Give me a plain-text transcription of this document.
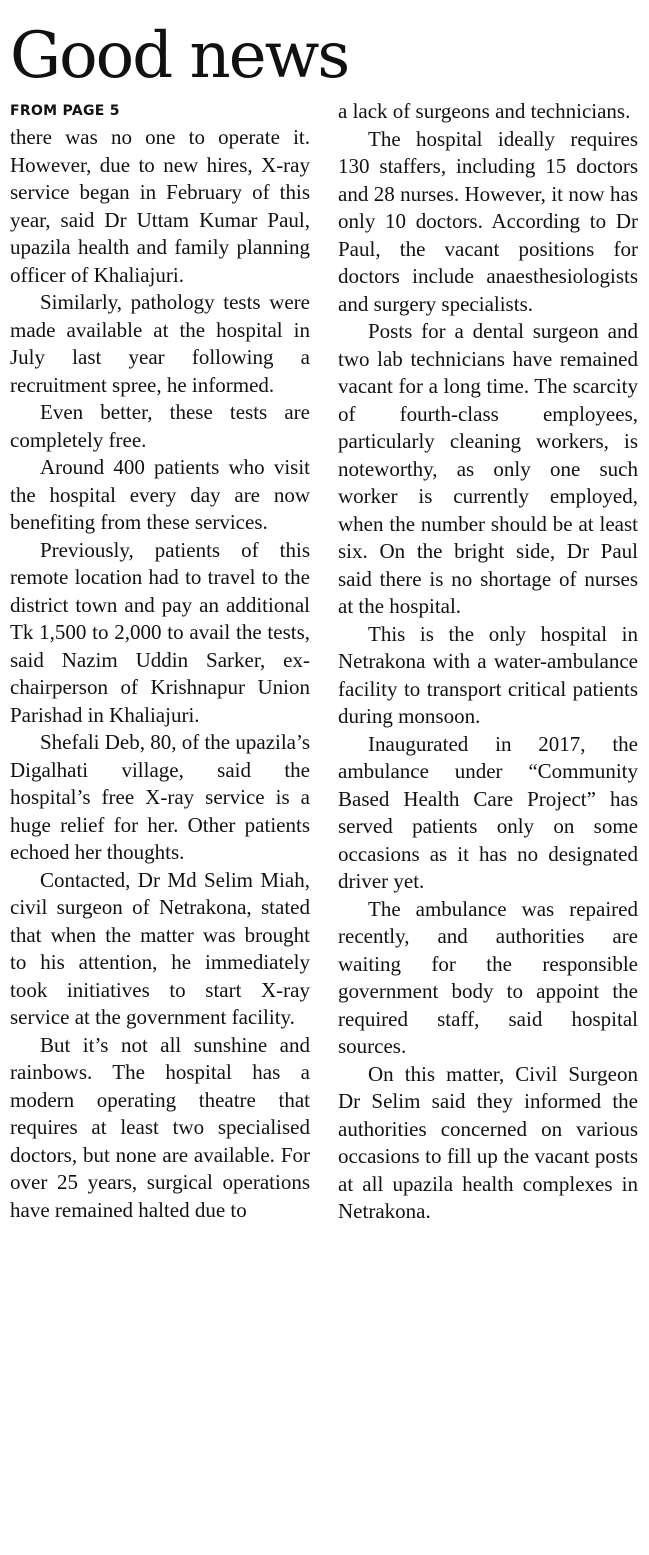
Good news
FROM PAGE 5

there was no one to operate it. However, due to new hires, X-ray service began in February of this year, said Dr Uttam Kumar Paul, upazila health and family planning officer of Khaliajuri.

Similarly, pathology tests were made available at the hospital in July last year following a recruitment spree, he informed.

Even better, these tests are completely free.

Around 400 patients who visit the hospital every day are now benefiting from these services.

Previously, patients of this remote location had to travel to the district town and pay an additional Tk 1,500 to 2,000 to avail the tests, said Nazim Uddin Sarker, ex-chairperson of Krishnapur Union Parishad in Khaliajuri.

Shefali Deb, 80, of the upazila’s Digalhati village, said the hospital’s free X-ray service is a huge relief for her. Other patients echoed her thoughts.

Contacted, Dr Md Selim Miah, civil surgeon of Netrakona, stated that when the matter was brought to his attention, he immediately took initiatives to start X-ray service at the government facility.

But it’s not all sunshine and rainbows. The hospital has a modern operating theatre that requires at least two specialised doctors, but none are available. For over 25 years, surgical operations have remained halted due to

a lack of surgeons and technicians.

The hospital ideally requires 130 staffers, including 15 doctors and 28 nurses. However, it now has only 10 doctors. According to Dr Paul, the vacant positions for doctors include anaesthesiologists and surgery specialists.

Posts for a dental surgeon and two lab technicians have remained vacant for a long time. The scarcity of fourth-class employees, particularly cleaning workers, is noteworthy, as only one such worker is currently employed, when the number should be at least six. On the bright side, Dr Paul said there is no shortage of nurses at the hospital.

This is the only hospital in Netrakona with a water-ambulance facility to transport critical patients during monsoon.

Inaugurated in 2017, the ambulance under “Community Based Health Care Project” has served patients only on some occasions as it has no designated driver yet.

The ambulance was repaired recently, and authorities are waiting for the responsible government body to appoint the required staff, said hospital sources.

On this matter, Civil Surgeon Dr Selim said they informed the authorities concerned on various occasions to fill up the vacant posts at all upazila health complexes in Netrakona.
